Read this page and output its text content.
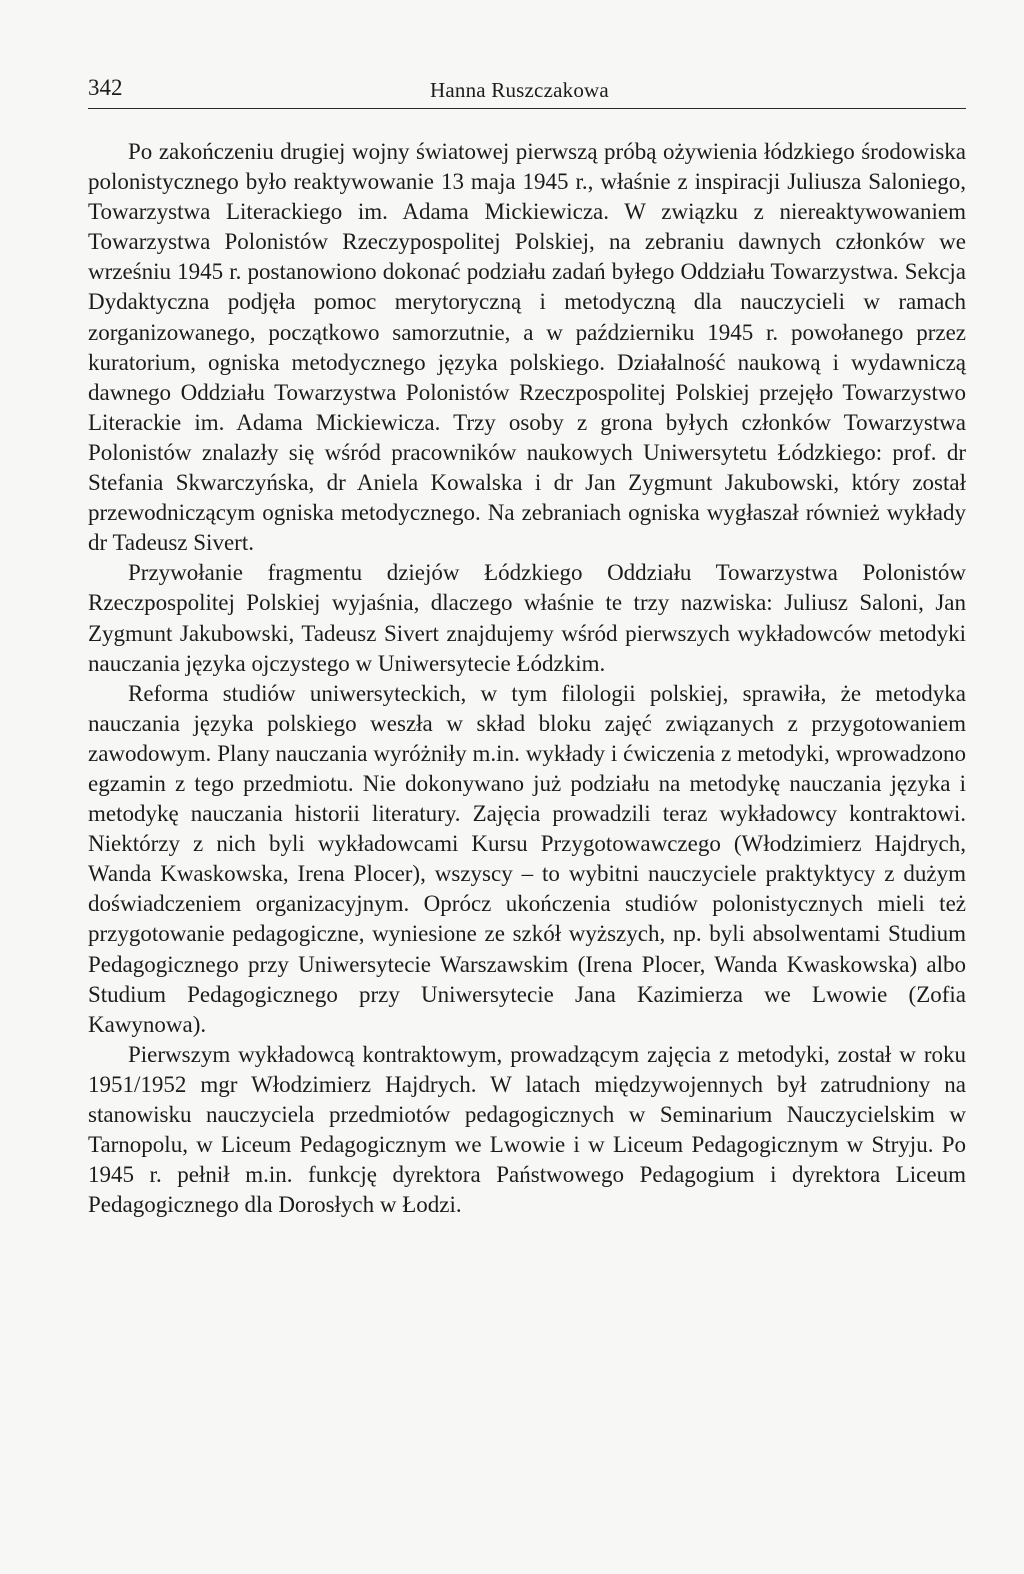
342	Hanna Ruszczakowa

Po zakończeniu drugiej wojny światowej pierwszą próbą ożywienia łódzkiego środowiska polonistycznego było reaktywowanie 13 maja 1945 r., właśnie z inspiracji Juliusza Saloniego, Towarzystwa Literackiego im. Adama Mickiewicza. W związku z niereaktywowaniem Towarzystwa Polonistów Rzeczypospolitej Polskiej, na zebraniu dawnych członków we wrześniu 1945 r. postanowiono dokonać podziału zadań byłego Oddziału Towarzystwa. Sekcja Dydaktyczna podjęła pomoc merytoryczną i metodyczną dla nauczycieli w ramach zorganizowanego, początkowo samorzutnie, a w październiku 1945 r. powołanego przez kuratorium, ogniska metodycznego języka polskiego. Działalność naukową i wydawniczą dawnego Oddziału Towarzystwa Polonistów Rzeczpospolitej Polskiej przejęło Towarzystwo Literackie im. Adama Mickiewicza. Trzy osoby z grona byłych członków Towarzystwa Polonistów znalazły się wśród pracowników naukowych Uniwersytetu Łódzkiego: prof. dr Stefania Skwarczyńska, dr Aniela Kowalska i dr Jan Zygmunt Jakubowski, który został przewodniczącym ogniska metodycznego. Na zebraniach ogniska wygłaszał również wykłady dr Tadeusz Sivert.

Przywołanie fragmentu dziejów Łódzkiego Oddziału Towarzystwa Polonistów Rzeczpospolitej Polskiej wyjaśnia, dlaczego właśnie te trzy nazwiska: Juliusz Saloni, Jan Zygmunt Jakubowski, Tadeusz Sivert znajdujemy wśród pierwszych wykładowców metodyki nauczania języka ojczystego w Uniwersytecie Łódzkim.

Reforma studiów uniwersyteckich, w tym filologii polskiej, sprawiła, że metodyka nauczania języka polskiego weszła w skład bloku zajęć związanych z przygotowaniem zawodowym. Plany nauczania wyróżniły m.in. wykłady i ćwiczenia z metodyki, wprowadzono egzamin z tego przedmiotu. Nie dokonywano już podziału na metodykę nauczania języka i metodykę nauczania historii literatury. Zajęcia prowadzili teraz wykładowcy kontraktowi. Niektórzy z nich byli wykładowcami Kursu Przygotowawczego (Włodzimierz Hajdrych, Wanda Kwaskowska, Irena Plocer), wszyscy – to wybitni nauczyciele praktyktycy z dużym doświadczeniem organizacyjnym. Oprócz ukończenia studiów polonistycznych mieli też przygotowanie pedagogiczne, wyniesione ze szkół wyższych, np. byli absolwentami Studium Pedagogicznego przy Uniwersytecie Warszawskim (Irena Plocer, Wanda Kwaskowska) albo Studium Pedagogicznego przy Uniwersytecie Jana Kazimierza we Lwowie (Zofia Kawynowa).

Pierwszym wykładowcą kontraktowym, prowadzącym zajęcia z metodyki, został w roku 1951/1952 mgr Włodzimierz Hajdrych. W latach międzywojennych był zatrudniony na stanowisku nauczyciela przedmiotów pedagogicznych w Seminarium Nauczycielskim w Tarnopolu, w Liceum Pedagogicznym we Lwowie i w Liceum Pedagogicznym w Stryju. Po 1945 r. pełnił m.in. funkcję dyrektora Państwowego Pedagogium i dyrektora Liceum Pedagogicznego dla Dorosłych w Łodzi.
